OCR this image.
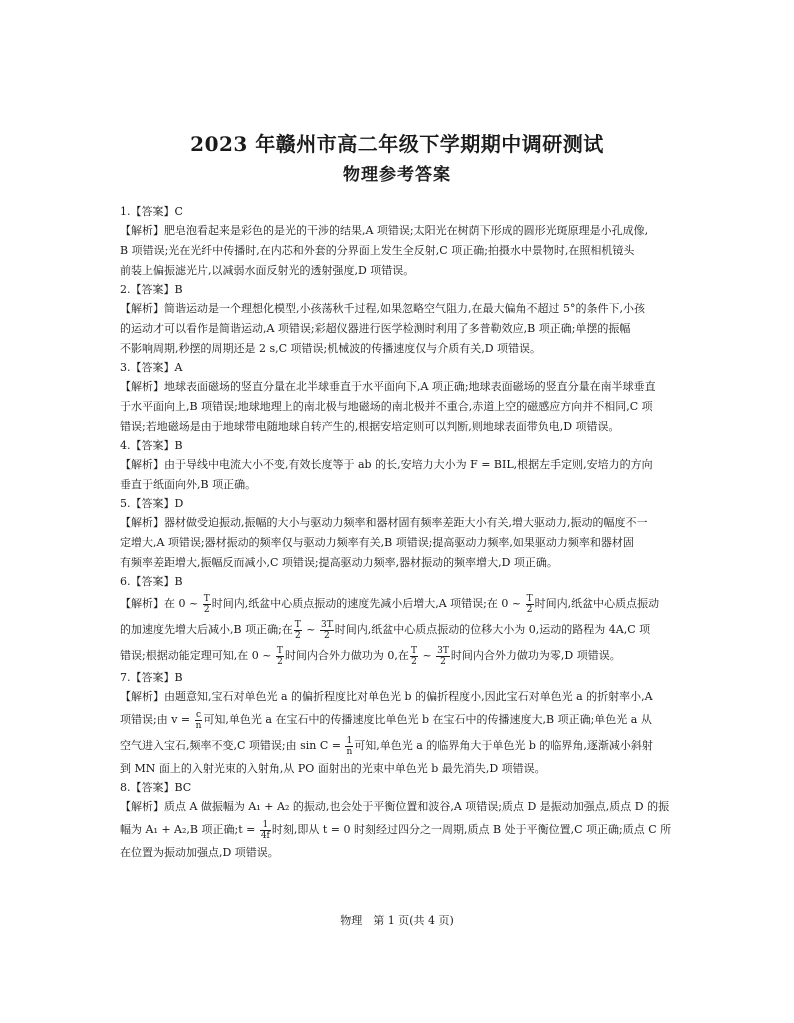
2023 年赣州市高二年级下学期期中调研测试
物理参考答案
1.【答案】C
【解析】肥皂泡看起来是彩色的是光的干涉的结果,A 项错误;太阳光在树荫下形成的圆形光斑原理是小孔成像,
B 项错误;光在光纤中传播时,在内芯和外套的分界面上发生全反射,C 项正确;拍摄水中景物时,在照相机镜头
前装上偏振滤光片,以减弱水面反射光的透射强度,D 项错误。
2.【答案】B
【解析】简谐运动是一个理想化模型,小孩荡秋千过程,如果忽略空气阻力,在最大偏角不超过 5°的条件下,小孩
的运动才可以看作是简谐运动,A 项错误;彩超仪器进行医学检测时利用了多普勒效应,B 项正确;单摆的振幅
不影响周期,秒摆的周期还是 2 s,C 项错误;机械波的传播速度仅与介质有关,D 项错误。
3.【答案】A
【解析】地球表面磁场的竖直分量在北半球垂直于水平面向下,A 项正确;地球表面磁场的竖直分量在南半球垂直
于水平面向上,B 项错误;地球地理上的南北极与地磁场的南北极并不重合,赤道上空的磁感应方向并不相同,C 项
错误;若地磁场是由于地球带电随地球自转产生的,根据安培定则可以判断,则地球表面带负电,D 项错误。
4.【答案】B
【解析】由于导线中电流大小不变,有效长度等于 ab 的长,安培力大小为 F = BIL,根据左手定则,安培力的方向
垂直于纸面向外,B 项正确。
5.【答案】D
【解析】器材做受迫振动,振幅的大小与驱动力频率和器材固有频率差距大小有关,增大驱动力,振动的幅度不一
定增大,A 项错误;器材振动的频率仅与驱动力频率有关,B 项错误;提高驱动力频率,如果驱动力频率和器材固
有频率差距增大,振幅反而减小,C 项错误;提高驱动力频率,器材振动的频率增大,D 项正确。
6.【答案】B
【解析】在 0 ~ $\frac{T}{2}$ 时间内,纸盆中心质点振动的速度先减小后增大,A 项错误;在 0 ~ $\frac{T}{2}$ 时间内,纸盆中心质点振动
的加速度先增大后减小,B 项正确;在 $\frac{T}{2}$ ~ $\frac{3T}{2}$ 时间内,纸盆中心质点振动的位移大小为 0,运动的路程为 4A,C 项
错误;根据动能定理可知,在 0 ~ $\frac{T}{2}$ 时间内合外力做功为 0,在 $\frac{T}{2}$ ~ $\frac{3T}{2}$ 时间内合外力做功为零,D 项错误。
7.【答案】B
【解析】由题意知,宝石对单色光 a 的偏折程度比对单色光 b 的偏折程度小,因此宝石对单色光 a 的折射率小,A
项错误;由 $v = \frac{c}{n}$ 可知,单色光 a 在宝石中的传播速度比单色光 b 在宝石中的传播速度大,B 项正确;单色光 a 从
空气进入宝石,频率不变,C 项错误;由 $\sin C = \frac{1}{n}$ 可知,单色光 a 的临界角大于单色光 b 的临界角,逐渐减小斜射
到 MN 面上的入射光束的入射角,从 PO 面射出的光束中单色光 b 最先消失,D 项错误。
8.【答案】BC
【解析】质点 A 做振幅为 A₁ + A₂ 的振动,也会处于平衡位置和波谷,A 项错误;质点 D 是振动加强点,质点 D 的振
幅为 A₁ + A₂,B 项正确;t = $\frac{1}{4f}$ 时刻,即从 t = 0 时刻经过四分之一周期,质点 B 处于平衡位置,C 项正确;质点 C 所
在位置为振动加强点,D 项错误。
物理　第 1 页(共 4 页)
